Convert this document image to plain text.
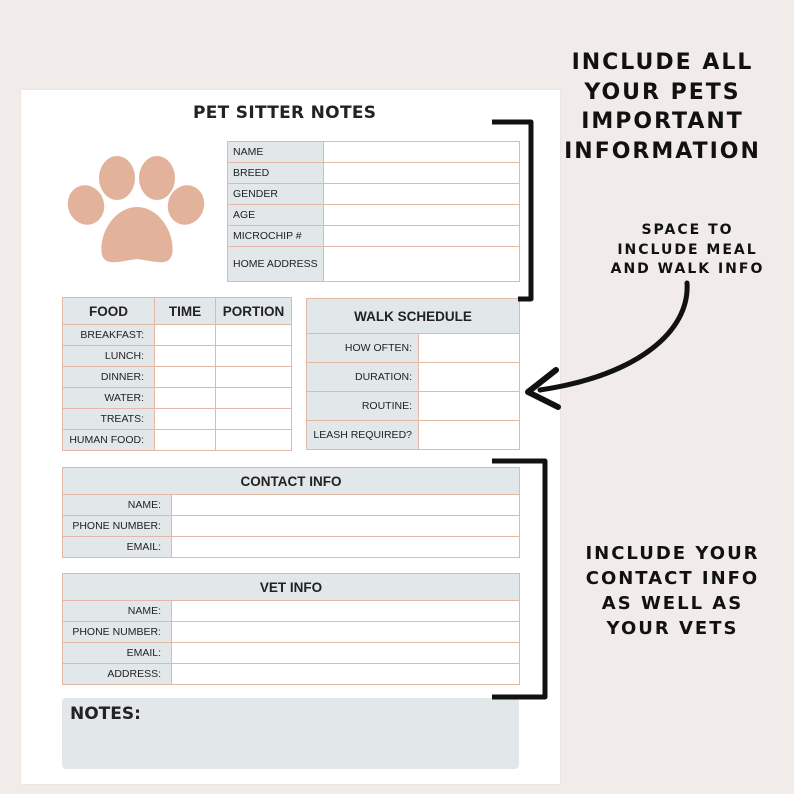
PET SITTER NOTES
NAME	
BREED	
GENDER	
AGE	
MICROCHIP #	
HOME ADDRESS	
FOOD	TIME	PORTION
BREAKFAST:		
LUNCH:		
DINNER:		
WATER:		
TREATS:		
HUMAN FOOD:		
WALK SCHEDULE	
HOW OFTEN:	
DURATION:	
ROUTINE:	
LEASH REQUIRED?	
CONTACT INFO	
NAME:	
PHONE NUMBER:	
EMAIL:	
VET INFO	
NAME:	
PHONE NUMBER:	
EMAIL:	
ADDRESS:	
NOTES:
INCLUDE ALL
YOUR PETS
IMPORTANT
INFORMATION
SPACE TO
INCLUDE MEAL
AND WALK INFO
INCLUDE YOUR
CONTACT INFO
AS WELL AS
YOUR VETS
